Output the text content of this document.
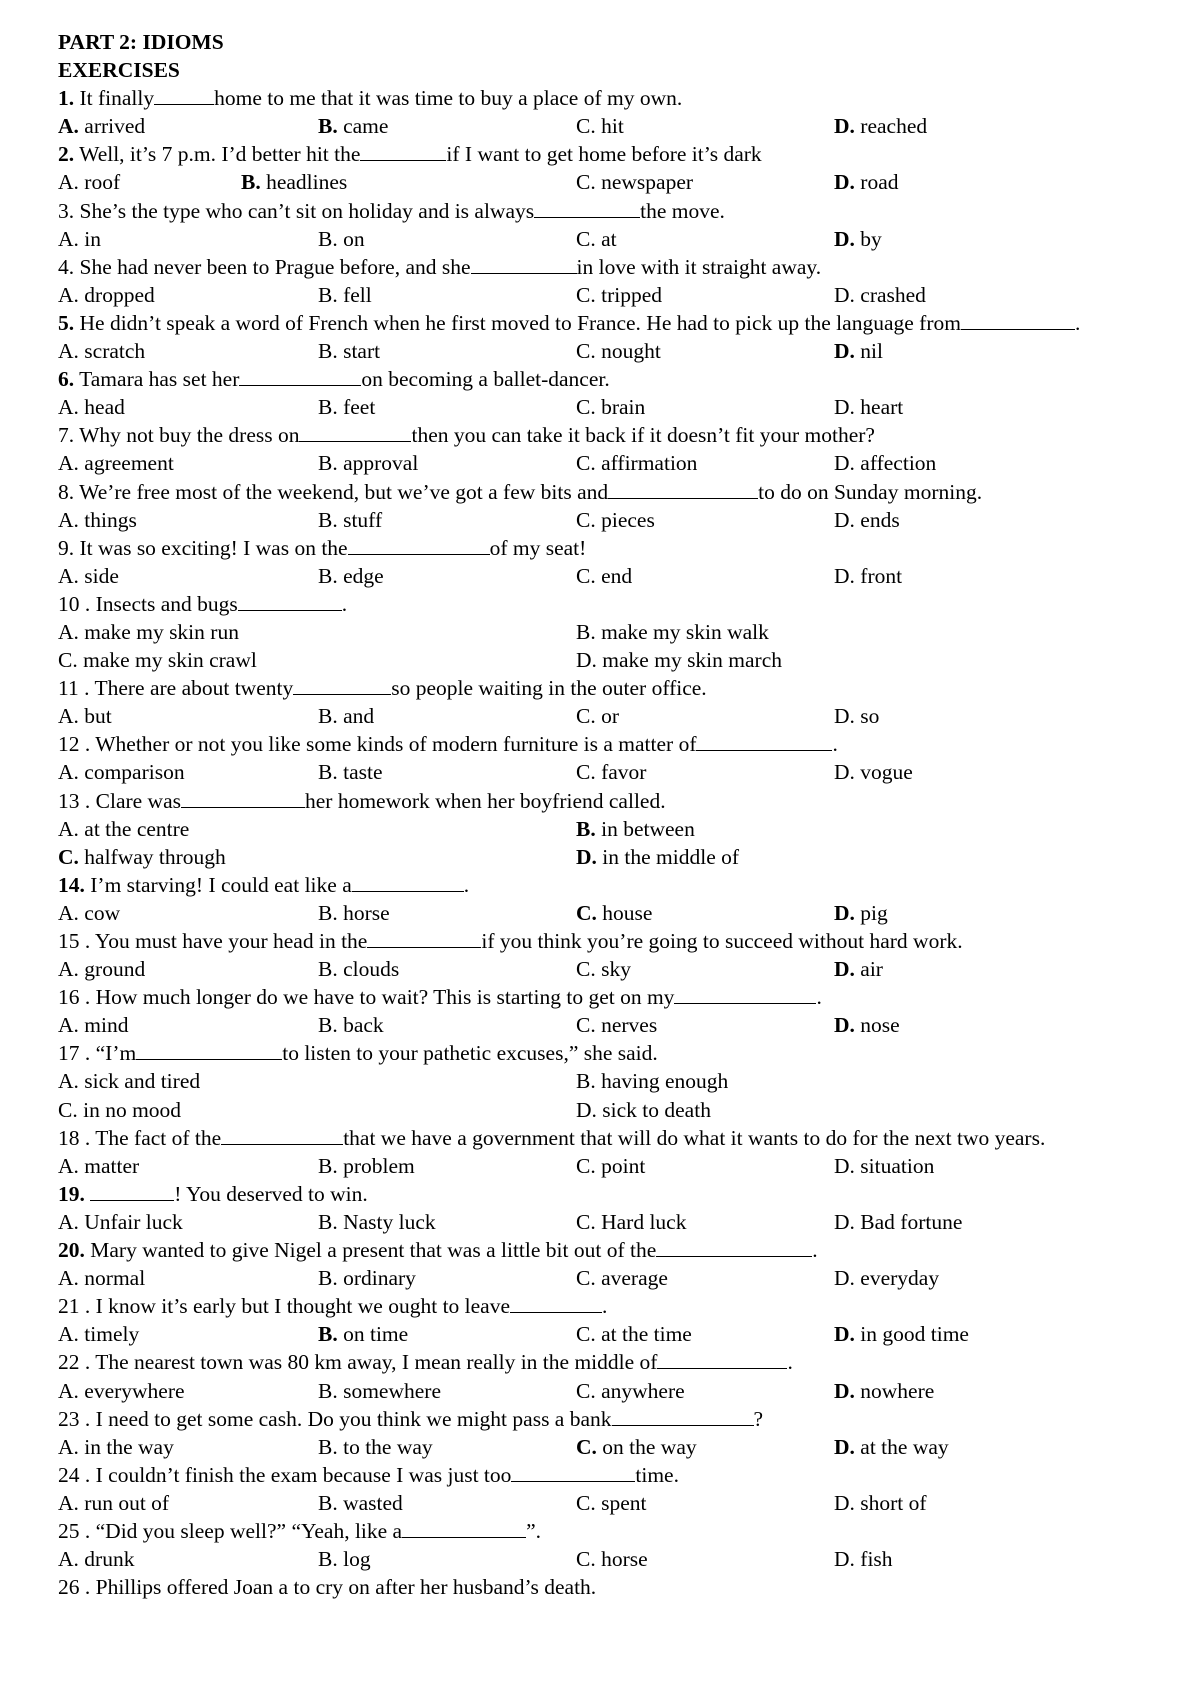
PART 2: IDIOMS
EXERCISES
1. It finally	home to me that it was time to buy a place of my own.
A. arrived	B. came	C. hit	D. reached
2. Well, it’s 7 p.m. I’d better hit the	if I want to get home before it’s dark
A. roof	B. headlines	C. newspaper	D. road
3. She’s the type who can’t sit on holiday and is always	the move.
A. in	B. on	C. at	D. by
4. She had never been to Prague before, and she	in love with it straight away.
A. dropped	B. fell	C. tripped	D. crashed
5. He didn’t speak a word of French when he first moved to France. He had to pick up the language from	.
A. scratch	B. start	C. nought	D. nil
6. Tamara has set her	on becoming a ballet-dancer.
A. head	B. feet	C. brain	D. heart
7. Why not buy the dress on	then you can take it back if it doesn’t fit your mother?
A. agreement	B. approval	C. affirmation	D. affection
8. We’re free most of the weekend, but we’ve got a few bits and	to do on Sunday morning.
A. things	B. stuff	C. pieces	D. ends
9. It was so exciting! I was on the	of my seat!
A. side	B. edge	C. end	D. front
10 . Insects and bugs	.
A. make my skin run	B. make my skin walk
C. make my skin crawl	D. make my skin march
11 . There are about twenty	so people waiting in the outer office.
A. but	B. and	C. or	D. so
12 . Whether or not you like some kinds of modern furniture is a matter of	.
A. comparison	B. taste	C. favor	D. vogue
13 . Clare was	her homework when her boyfriend called.
A. at the centre	B. in between
C. halfway through	D. in the middle of
14. I’m starving! I could eat like a	.
A. cow	B. horse	C. house	D. pig
15 . You must have your head in the	if you think you’re going to succeed without hard work.
A. ground	B. clouds	C. sky	D. air
16 . How much longer do we have to wait? This is starting to get on my	.
A. mind	B. back	C. nerves	D. nose
17 . “I’m	to listen to your pathetic excuses,” she said.
A. sick and tired	B. having enough
C. in no mood	D. sick to death
18 . The fact of the	that we have a government that will do what it wants to do for the next two years.
A. matter	B. problem	C. point	D. situation
19.	! You deserved to win.
A. Unfair luck	B. Nasty luck	C. Hard luck	D. Bad fortune
20. Mary wanted to give Nigel a present that was a little bit out of the	.
A. normal	B. ordinary	C. average	D. everyday
21 . I know it’s early but I thought we ought to leave	.
A. timely	B. on time	C. at the time	D. in good time
22 . The nearest town was 80 km away, I mean really in the middle of	.
A. everywhere	B. somewhere	C. anywhere	D. nowhere
23 . I need to get some cash. Do you think we might pass a bank	?
A. in the way	B. to the way	C. on the way	D. at the way
24 . I couldn’t finish the exam because I was just too	time.
A. run out of	B. wasted	C. spent	D. short of
25 . “Did you sleep well?” “Yeah, like a	”.
A. drunk	B. log	C. horse	D. fish
26 . Phillips offered Joan a to cry on after her husband’s death.
